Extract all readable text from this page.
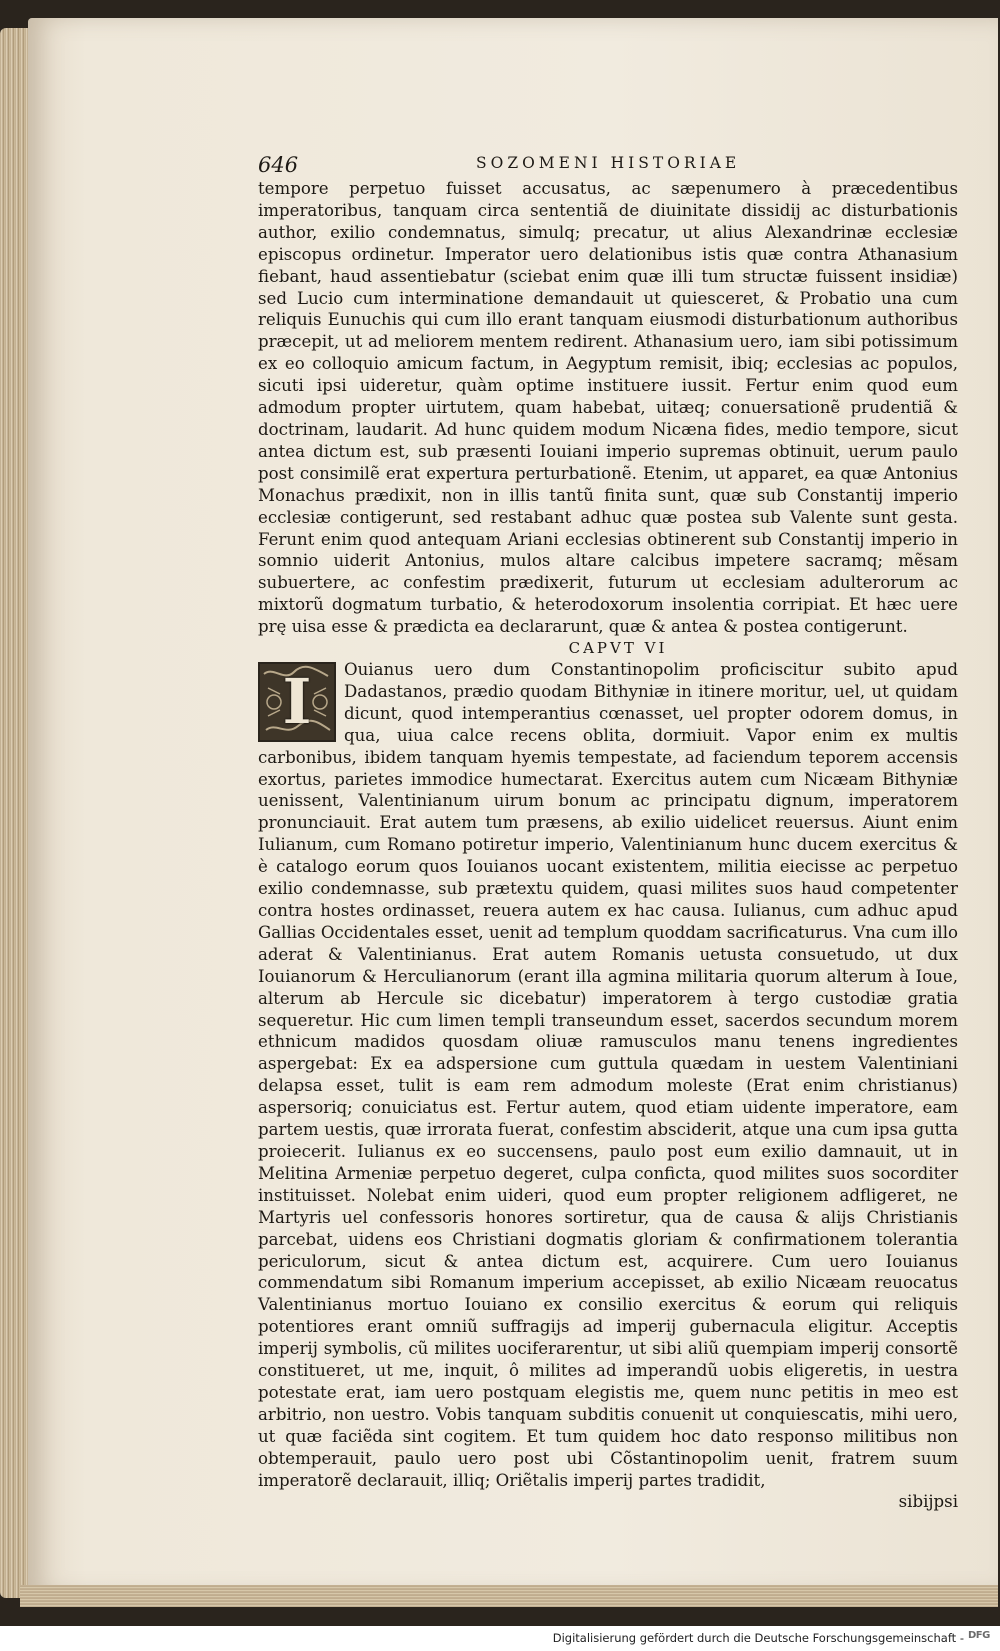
646	SOZOMENI HISTORIAE

tempore perpetuo fuisset accusatus, ac sæpenumero à præcedentibus imperatoribus, tanquam circa sententiã de diuinitate dissidij ac disturbationis author, exilio condemnatus, simulq; precatur, ut alius Alexandrinæ ecclesiæ episcopus ordinetur. Imperator uero delationibus istis quæ contra Athanasium fiebant, haud assentiebatur (sciebat enim quæ illi tum structæ fuissent insidiæ) sed Lucio cum interminatione demandauit ut quiesceret, & Probatio una cum reliquis Eunuchis qui cum illo erant tanquam eiusmodi disturbationum authoribus præcepit, ut ad meliorem mentem redirent. Athanasium uero, iam sibi potissimum ex eo colloquio amicum factum, in Aegyptum remisit, ibiq; ecclesias ac populos, sicuti ipsi uideretur, quàm optime instituere iussit. Fertur enim quod eum admodum propter uirtutem, quam habebat, uitæq; conuersationẽ prudentiã & doctrinam, laudarit. Ad hunc quidem modum Nicæna fides, medio tempore, sicut antea dictum est, sub præsenti Iouiani imperio supremas obtinuit, uerum paulo post consimilẽ erat expertura perturbationẽ. Etenim, ut apparet, ea quæ Antonius Monachus prædixit, non in illis tantũ finita sunt, quæ sub Constantij imperio ecclesiæ contigerunt, sed restabant adhuc quæ postea sub Valente sunt gesta. Ferunt enim quod antequam Ariani ecclesias obtinerent sub Constantij imperio in somnio uiderit Antonius, mulos altare calcibus impetere sacramq; mẽsam subuertere, ac confestim prædixerit, futurum ut ecclesiam adulterorum ac mixtorũ dogmatum turbatio, & heterodoxorum insolentia corripiat. Et hæc uere prę uisa esse & prædicta ea declararunt, quæ & antea & postea contigerunt.

CAPVT VI

I	Ouianus uero dum Constantinopolim proficiscitur subito apud Dadastanos, prædio quodam Bithyniæ in itinere moritur, uel, ut quidam dicunt, quod intemperantius cœnasset, uel propter odorem domus, in qua, uiua calce recens oblita, dormiuit. Vapor enim ex multis carbonibus, ibidem tanquam hyemis tempestate, ad faciendum teporem accensis exortus, parietes immodice humectarat. Exercitus autem cum Nicæam Bithyniæ uenissent, Valentinianum uirum bonum ac principatu dignum, imperatorem pronunciauit. Erat autem tum præsens, ab exilio uidelicet reuersus. Aiunt enim Iulianum, cum Romano potiretur imperio, Valentinianum hunc ducem exercitus & è catalogo eorum quos Iouianos uocant existentem, militia eiecisse ac perpetuo exilio condemnasse, sub prætextu quidem, quasi milites suos haud competenter contra hostes ordinasset, reuera autem ex hac causa. Iulianus, cum adhuc apud Gallias Occidentales esset, uenit ad templum quoddam sacrificaturus. Vna cum illo aderat & Valentinianus. Erat autem Romanis uetusta consuetudo, ut dux Iouianorum & Herculianorum (erant illa agmina militaria quorum alterum à Ioue, alterum ab Hercule sic dicebatur) imperatorem à tergo custodiæ gratia sequeretur. Hic cum limen templi transeundum esset, sacerdos secundum morem ethnicum madidos quosdam oliuæ ramusculos manu tenens ingredientes aspergebat: Ex ea adspersione cum guttula quædam in uestem Valentiniani delapsa esset, tulit is eam rem admodum moleste (Erat enim christianus) aspersoriq; conuiciatus est. Fertur autem, quod etiam uidente imperatore, eam partem uestis, quæ irrorata fuerat, confestim absciderit, atque una cum ipsa gutta proiecerit. Iulianus ex eo succensens, paulo post eum exilio damnauit, ut in Melitina Armeniæ perpetuo degeret, culpa conficta, quod milites suos socorditer instituisset. Nolebat enim uideri, quod eum propter religionem adfligeret, ne Martyris uel confessoris honores sortiretur, qua de causa & alijs Christianis parcebat, uidens eos Christiani dogmatis gloriam & confirmationem tolerantia periculorum, sicut & antea dictum est, acquirere. Cum uero Iouianus commendatum sibi Romanum imperium accepisset, ab exilio Nicæam reuocatus Valentinianus mortuo Iouiano ex consilio exercitus & eorum qui reliquis potentiores erant omniũ suffragijs ad imperij gubernacula eligitur. Acceptis imperij symbolis, cũ milites uociferarentur, ut sibi aliũ quempiam imperij consortẽ constitueret, ut me, inquit, ô milites ad imperandũ uobis eligeretis, in uestra potestate erat, iam uero postquam elegistis me, quem nunc petitis in meo est arbitrio, non uestro. Vobis tanquam subditis conuenit ut conquiescatis, mihi uero, ut quæ faciẽda sint cogitem. Et tum quidem hoc dato responso militibus non obtemperauit, paulo uero post ubi Cõstantinopolim uenit, fratrem suum imperatorẽ declarauit, illiq; Oriẽtalis imperij partes tradidit,

sibijpsi

Digitalisierung gefördert durch die Deutsche Forschungsgemeinschaft - DFG
